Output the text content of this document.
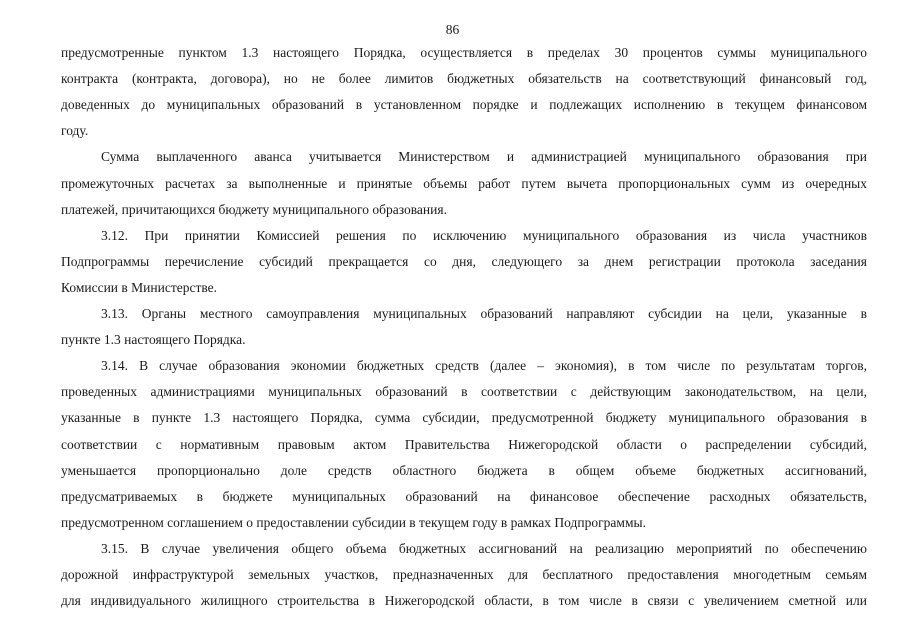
86
предусмотренные пунктом 1.3 настоящего Порядка, осуществляется в пределах 30 процентов суммы муниципального
контракта (контракта, договора), но не более лимитов бюджетных обязательств на соответствующий финансовый год,
доведенных до муниципальных образований в установленном порядке и подлежащих исполнению в текущем финансовом
году.
Сумма выплаченного аванса учитывается Министерством и администрацией муниципального образования при
промежуточных расчетах за выполненные и принятые объемы работ путем вычета пропорциональных сумм из очередных
платежей, причитающихся бюджету муниципального образования.
3.12. При принятии Комиссией решения по исключению муниципального образования из числа участников
Подпрограммы перечисление субсидий прекращается со дня, следующего за днем регистрации протокола заседания
Комиссии в Министерстве.
3.13. Органы местного самоуправления муниципальных образований направляют субсидии на цели, указанные в
пункте 1.3 настоящего Порядка.
3.14. В случае образования экономии бюджетных средств (далее – экономия), в том числе по результатам торгов,
проведенных администрациями муниципальных образований в соответствии с действующим законодательством, на цели,
указанные в пункте 1.3 настоящего Порядка, сумма субсидии, предусмотренной бюджету муниципального образования в
соответствии с нормативным правовым актом Правительства Нижегородской области о распределении субсидий,
уменьшается пропорционально доле средств областного бюджета в общем объеме бюджетных ассигнований,
предусматриваемых в бюджете муниципальных образований на финансовое обеспечение расходных обязательств,
предусмотренном соглашением о предоставлении субсидии в текущем году в рамках Подпрограммы.
3.15. В случае увеличения общего объема бюджетных ассигнований на реализацию мероприятий по обеспечению
дорожной инфраструктурой земельных участков, предназначенных для бесплатного предоставления многодетным семьям
для индивидуального жилищного строительства в Нижегородской области, в том числе в связи с увеличением сметной или
